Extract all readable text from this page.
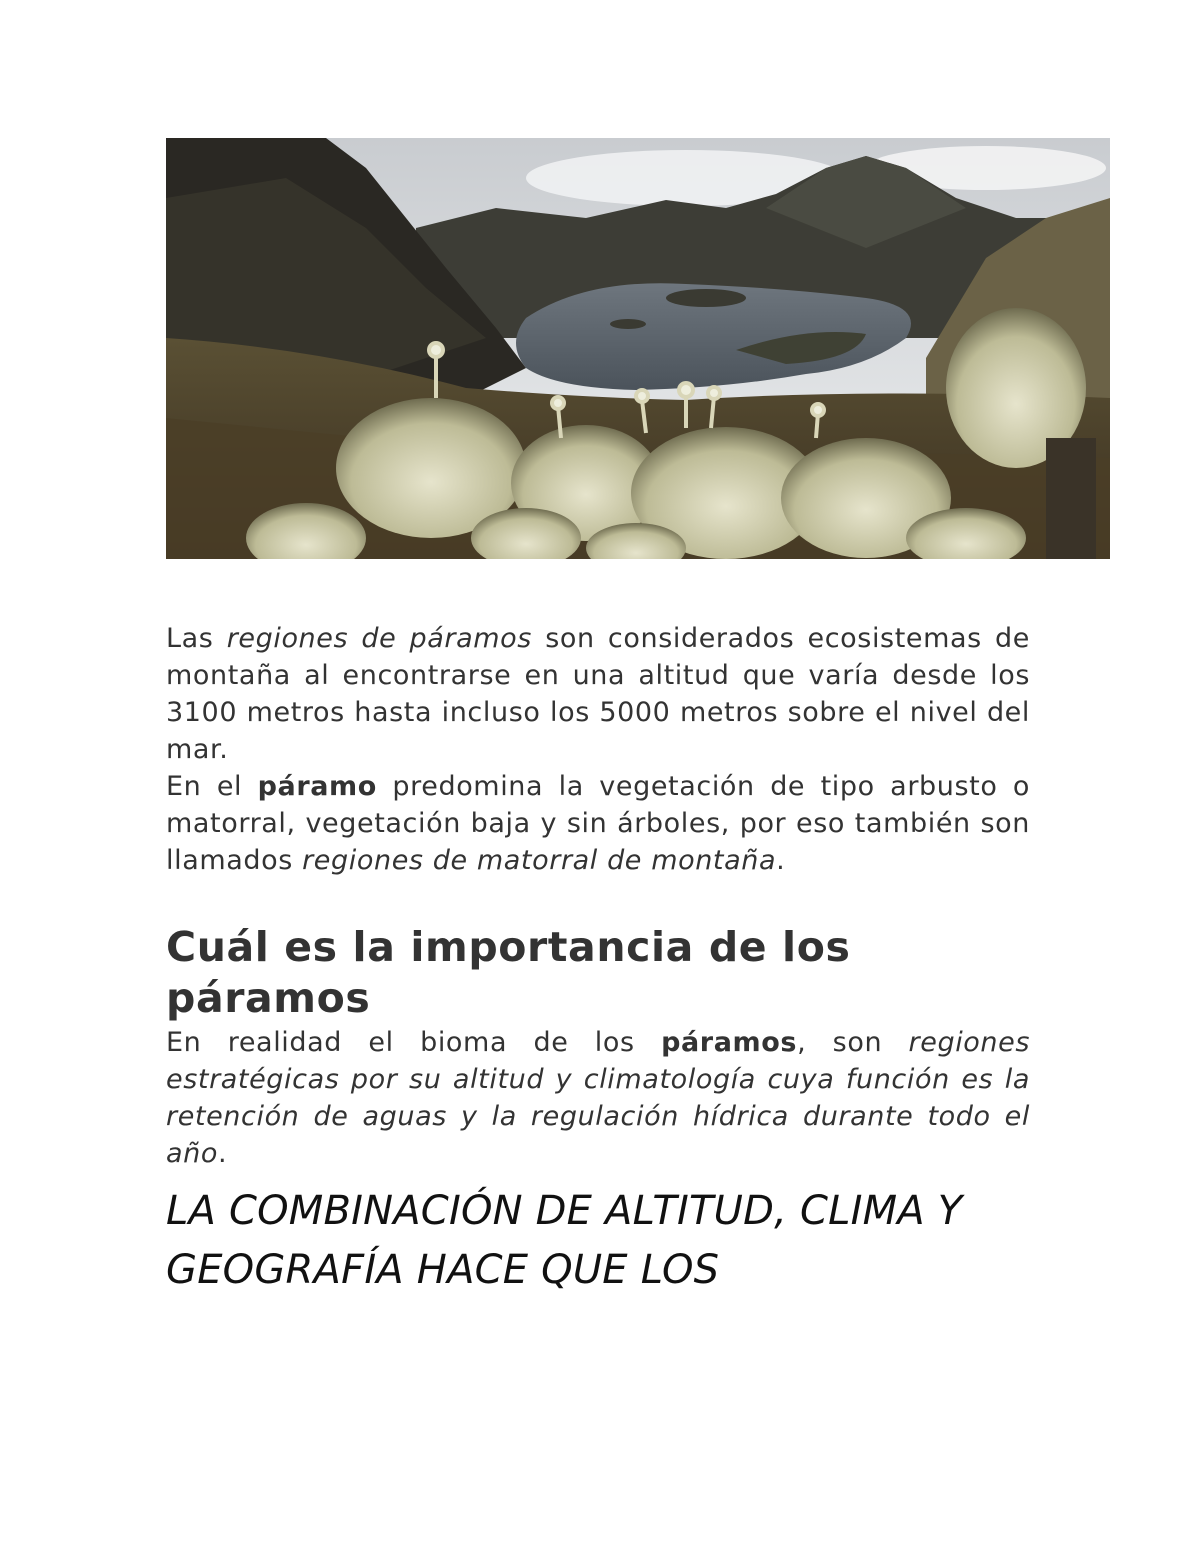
Las regiones de páramos son considerados ecosistemas de montaña al encontrarse en una altitud que varía desde los 3100 metros hasta incluso los 5000 metros sobre el nivel del mar.

En el páramo predomina la vegetación de tipo arbusto o matorral, vegetación baja y sin árboles, por eso también son llamados regiones de matorral de montaña.

Cuál es la importancia de los páramos

En realidad el bioma de los páramos, son regiones estratégicas por su altitud y climatología cuya función es la retención de aguas y la regulación hídrica durante todo el año.

LA COMBINACIÓN DE ALTITUD, CLIMA Y GEOGRAFÍA HACE QUE LOS
